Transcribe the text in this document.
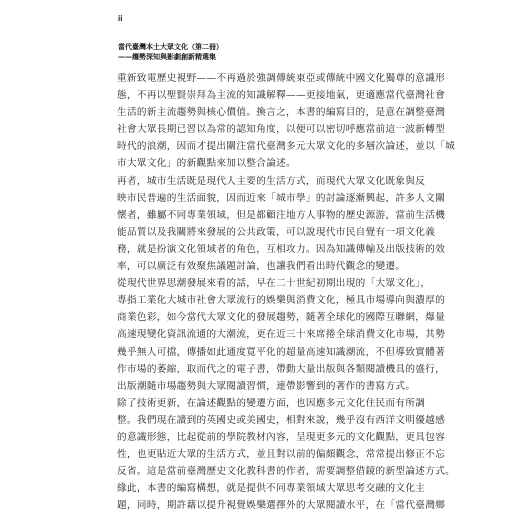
ii
當代臺灣本土大眾文化（第二冊）
——趨勢深知與影劇創新精選集
重新致電歷史視野——不再過於強調傳統東亞或傳統中國文化獨尊的意識形
態，不再以聖賢崇拜為主流的知識解釋——更接地氣，更適應當代臺灣社會
生活的新主流趨勢與核心價值。換言之，本書的編寫目的，是意在調整臺灣
社會大眾長期已習以為常的認知角度，以便可以密切呼應當前這一波新轉型
時代的浪潮，因而才提出關注當代臺灣多元大眾文化的多層次論述，並以「城
市大眾文化」的新觀點來加以整合論述。
再者，城市生活既是現代人主要的生活方式，而現代大眾文化既象與反
映市民普遍的生活面貌，因而近來「城市學」的討論逐漸興起，許多人文關
懷者，雖屬不同專業領域，但是都顧注地方人事物的歷史源游，當前生活機
能品質以及我關將來發展的公共政策，可以說現代市民自覺有一項文化義
務，就是扮演文化領域者的角色，互相攻力。因為知識傳輸及出版技術的效
率，可以廣泛有效聚焦議題討論，也讓我們看出時代觀念的變遷。
從現代世界思潮發展來看的話，早在二十世紀初期出現的「大眾文化」，
專指工業化大城市社會大眾流行的娛樂與消費文化，極具市場導向與濃厚的
商業色彩，如今當代大眾文化的發展趨勢，隨著全球化的國際互聯網，爆量
高速現變化資訊流通的大潮流，更在近三十來席捲全球消費文化市場，其勢
幾乎無人可擋，傳播如此通度寬平化的超量高速知識潮流，不但導致實體著
作市場的萎縮，取而代之的電子書，帶動大量出版與各類閱讀機具的盛行，
出版潮隨市場趨勢與大眾閱讀習慣，連帶影響到的著作的書寫方式。
除了技術更新，在論述觀點的變遷方面，也因應多元文化住民而有所調
整。我們現在讀到的英國史或美國史，相對來說，幾乎沒有西洋文明優越感
的意識形態，比起從前的學院教材內容，呈現更多元的文化觀點，更具包容
性，也更貼近大眾的生活方式，並且對以前的偏頗觀念，常常提出修正不忘
反省。這是當前臺灣歷史文化教科書的作者，需要調整借鏡的新型論述方式。
緣此，本書的編寫構想，就是提供不同專業領域大眾思考交融的文化主
題，同時，期許藉以提升視覺娛樂選擇外的大眾閱讀水平，在「當代臺灣鄉
